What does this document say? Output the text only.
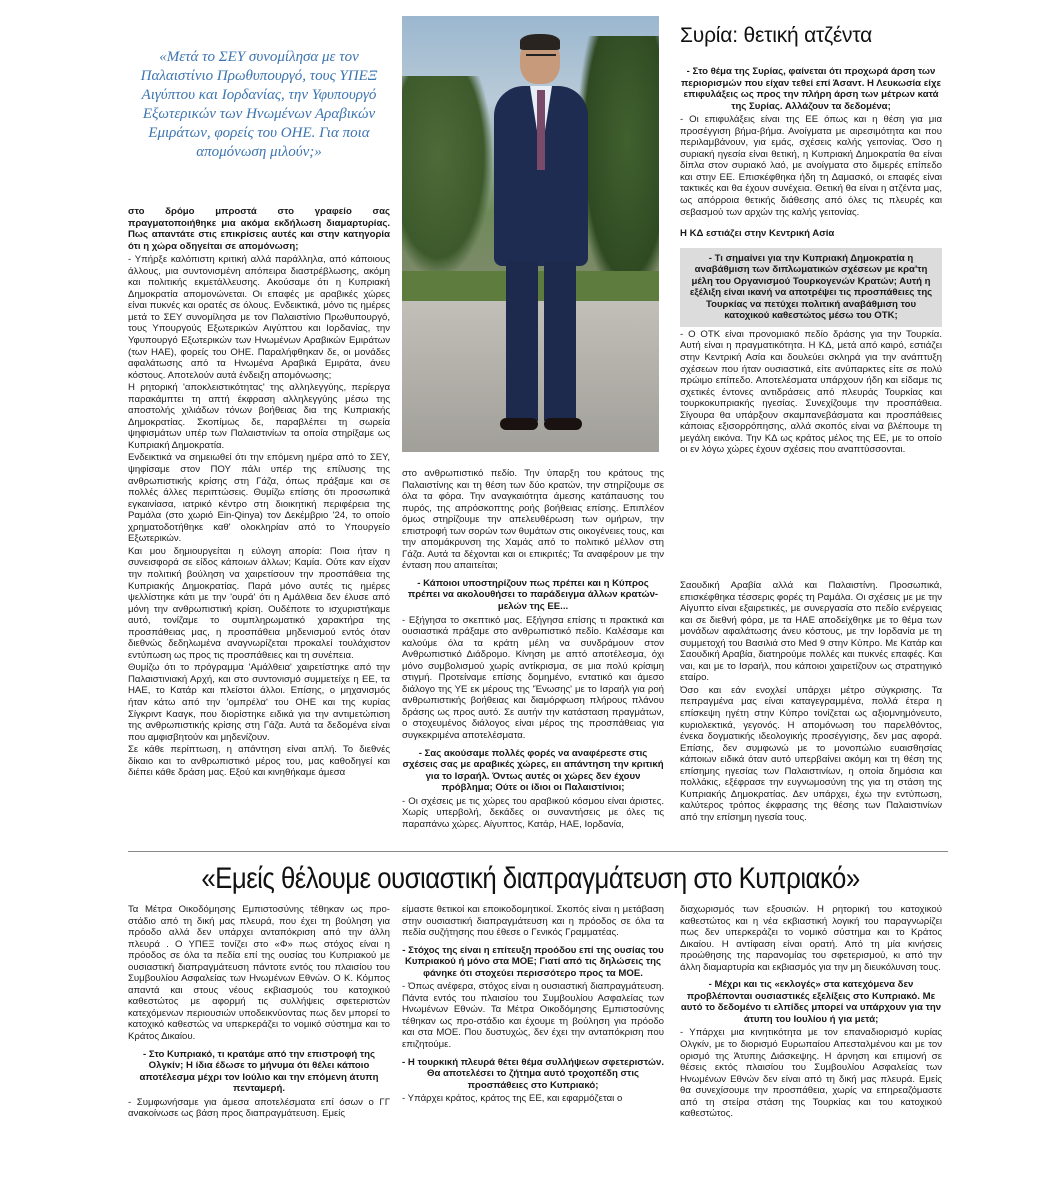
«Μετά το ΣΕΥ συνομίλησα με τον Παλαιστίνιο Πρωθυπουργό, τους ΥΠΕΞ Αιγύπτου και Ιορδανίας, την Υφυπουργό Εξωτερικών των Ηνωμένων Αραβικών Εμιράτων, φορείς του ΟΗΕ. Για ποια απομόνωση μιλούν;»

στο δρόμο μπροστά στο γραφείο σας πραγματοποιήθηκε μια ακόμα εκδήλωση διαμαρτυρίας. Πως απαντάτε στις επικρίσεις αυτές και στην κατηγορία ότι η χώρα οδηγείται σε απομόνωση;

- Υπήρξε καλόπιστη κριτική αλλά παράλληλα, από κάποιους άλλους, μια συντονισμένη απόπειρα διαστρέβλωσης, ακόμη και πολιτικής εκμετάλλευσης. Ακούσαμε ότι η Κυπριακή Δημοκρατία απομονώνεται. Οι επαφές με αραβικές χώρες είναι πυκνές και ορατές σε όλους. Ενδεικτικά, μόνο τις ημέρες μετά το ΣΕΥ συνομίλησα με τον Παλαιστίνιο Πρωθυπουργό, τους Υπουργούς Εξωτερικών Αιγύπτου και Ιορδανίας, την Υφυπουργό Εξωτερικών των Ηνωμένων Αραβικών Εμιράτων (των ΗΑΕ), φορείς του ΟΗΕ. Παραλήφθηκαν δε, οι μονάδες αφαλάτωσης από τα Ηνωμένα Αραβικά Εμιράτα, άνευ κόστους. Αποτελούν αυτά ένδειξη απομόνωσης;

Η ρητορική 'αποκλειστικότητας' της αλληλεγγύης, περίεργα παρακάμπτει τη απτή έκφραση αλληλεγγύης μέσω της αποστολής χιλιάδων τόνων βοήθειας δια της Κυπριακής Δημοκρατίας. Σκοπίμως δε, παραβλέπει τη σωρεία ψηφισμάτων υπέρ των Παλαιστινίων τα οποία στηρίξαμε ως Κυπριακή Δημοκρατία.

Ενδεικτικά να σημειωθεί ότι την επόμενη ημέρα από το ΣΕΥ, ψηφίσαμε στον ΠΟΥ πάλι υπέρ της επίλυσης της ανθρωπιστικής κρίσης στη Γάζα, όπως πράξαμε και σε πολλές άλλες περιπτώσεις. Θυμίζω επίσης ότι προσωπικά εγκαινίασα, ιατρικό κέντρο στη διοικητική περιφέρεια της Ραμάλα (στο χωριό Ein-Qinya) τον Δεκέμβριο '24, το οποίο χρηματοδοτήθηκε καθ' ολοκληρίαν από το Υπουργείο Εξωτερικών.

Και μου δημιουργείται η εύλογη απορία: Ποια ήταν η συνεισφορά σε είδος κάποιων άλλων; Καμία. Ούτε καν είχαν την πολιτική βούληση να χαιρετίσουν την προσπάθεια της Κυπριακής Δημοκρατίας. Παρά μόνο αυτές τις ημέρες ψελλίστηκε κάτι με την 'ουρά' ότι η Αμάλθεια δεν έλυσε από μόνη την ανθρωπιστική κρίση. Ουδέποτε το ισχυριστήκαμε αυτό, τονίζαμε το συμπληρωματικό χαρακτήρα της προσπάθειας μας, η προσπάθεια μηδενισμού εντός όταν διεθνώς δεδηλωμένα αναγνωρίζεται προκαλεί τουλάχιστον εντύπωση ως προς τις προσπάθειες και τη συνέπεια.

Θυμίζω ότι το πρόγραμμα 'Αμάλθεια' χαιρετίστηκε από την Παλαιστινιακή Αρχή, και στο συντονισμό συμμετείχε η ΕΕ, τα ΗΑΕ, το Κατάρ και πλείστοι άλλοι. Επίσης, ο μηχανισμός ήταν κάτω από την 'ομπρέλα' του ΟΗΕ και της κυρίας Σίγκριντ Κααγκ, που διορίστηκε ειδικά για την αντιμετώπιση της ανθρωπιστικής κρίσης στη Γάζα. Αυτά τα δεδομένα είναι που αμφισβητούν και μηδενίζουν.

Σε κάθε περίπτωση, η απάντηση είναι απλή. Το διεθνές δίκαιο και το ανθρωπιστικό μέρος του, μας καθοδηγεί και διέπει κάθε δράση μας. Εξού και κινηθήκαμε άμεσα

στο ανθρωπιστικό πεδίο. Την ύπαρξη του κράτους της Παλαιστίνης και τη θέση των δύο κρατών, την στηρίζουμε σε όλα τα φόρα. Την αναγκαιότητα άμεσης κατάπαυσης του πυρός, της απρόσκοπτης ροής βοήθειας επίσης. Επιπλέον όμως στηρίζουμε την απελευθέρωση των ομήρων, την επιστροφή των σορών των θυμάτων στις οικογένειες τους, και την απομάκρυνση της Χαμάς από το πολιτικό μέλλον στη Γάζα. Αυτά τα δέχονται και οι επικριτές; Τα αναφέρουν με την ένταση που απαιτείται;

- Κάποιοι υποστηρίζουν πως πρέπει και η Κύπρος πρέπει να ακολουθήσει το παράδειγμα άλλων κρατών-μελών της ΕΕ...

- Εξήγησα το σκεπτικό μας. Εξήγησα επίσης τι πρακτικά και ουσιαστικά πράξαμε στο ανθρωπιστικό πεδίο. Καλέσαμε και καλούμε όλα τα κράτη μέλη να συνδράμουν στον Ανθρωπιστικό Διάδρομο. Κίνηση με απτό αποτέλεσμα, όχι μόνο συμβολισμού χωρίς αντίκρισμα, σε μια πολύ κρίσιμη στιγμή. Προτείναμε επίσης δομημένο, εντατικό και άμεσο διάλογο της ΥΕ εκ μέρους της 'Ένωσης' με το Ισραήλ για ροή ανθρωπιστικής βοήθειας και διαμόρφωση πλήρους πλάνου δράσης ως προς αυτό. Σε αυτήν την κατάσταση πραγμάτων, ο στοχευμένος διάλογος είναι μέρος της προσπάθειας για συγκεκριμένα αποτελέσματα.

- Σας ακούσαμε πολλές φορές να αναφέρεστε στις σχέσεις σας με αραβικές χώρες, ειι απάντηση την κριτική για το Ισραήλ. Όντως αυτές οι χώρες δεν έχουν πρόβλημα; Ούτε οι ίδιοι οι Παλαιστίνιοι;

- Οι σχέσεις με τις χώρες του αραβικού κόσμου είναι άριστες. Χωρίς υπερβολή, δεκάδες οι συναντήσεις με όλες τις παραπάνω χώρες. Αίγυπτος, Κατάρ, ΗΑΕ, Ιορδανία,

Συρία: θετική ατζέντα

- Στο θέμα της Συρίας, φαίνεται ότι προχωρά άρση των περιορισμών που είχαν τεθεί επί Άσαντ. Η Λευκωσία είχε επιφυλάξεις ως προς την πλήρη άρση των μέτρων κατά της Συρίας. Αλλάζουν τα δεδομένα;

- Οι επιφυλάξεις είναι της ΕΕ όπως και η θέση για μια προσέγγιση βήμα-βήμα. Ανοίγματα με αιρεσιμότητα και που περιλαμβάνουν, για εμάς, σχέσεις καλής γειτονίας. Όσο η συριακή ηγεσία είναι θετική, η Κυπριακή Δημοκρατία θα είναι δίπλα στον συριακό λαό, με ανοίγματα στο διμερές επίπεδο και στην ΕΕ. Επισκέφθηκα ήδη τη Δαμασκό, οι επαφές είναι τακτικές και θα έχουν συνέχεια. Θετική θα είναι η ατζέντα μας, ως απόρροια θετικής διάθεσης από όλες τις πλευρές και σεβασμού των αρχών της καλής γειτονίας.

Η ΚΔ εστιάζει στην Κεντρική Ασία

- Τι σημαίνει για την Κυπριακή Δημοκρατία η αναβάθμιση των διπλωματικών σχέσεων με κρα'τη μέλη του Οργανισμού Τουρκογενών Κρατών; Αυτή η εξέλιξη είναι ικανή να αποτρέψει τις προσπάθειες της Τουρκίας να πετύχει πολιτική αναβάθμιση του κατοχικού καθεστώτος μέσω του ΟΤΚ;

- Ο ΟΤΚ είναι προνομιακό πεδίο δράσης για την Τουρκία. Αυτή είναι η πραγματικότητα. Η ΚΔ, μετά από καιρό, εστιάζει στην Κεντρική Ασία και δουλεύει σκληρά για την ανάπτυξη σχέσεων που ήταν ουσιαστικά, είτε ανύπαρκτες είτε σε πολύ πρώιμο επίπεδο. Αποτελέσματα υπάρχουν ήδη και είδαμε τις σχετικές έντονες αντιδράσεις από πλευράς Τουρκίας και τουρκοκυπριακής ηγεσίας. Συνεχίζουμε την προσπάθεια. Σίγουρα θα υπάρξουν σκαμπανεβάσματα και προσπάθειες κάποιας εξισορρόπησης, αλλά σκοπός είναι να βλέπουμε τη μεγάλη εικόνα. Την ΚΔ ως κράτος μέλος της ΕΕ, με το οποίο οι εν λόγω χώρες έχουν σχέσεις που αναπτύσσονται.

Σαουδική Αραβία αλλά και Παλαιστίνη. Προσωπικά, επισκέφθηκα τέσσερις φορές τη Ραμάλα. Οι σχέσεις με με την Αίγυπτο είναι εξαιρετικές, με συνεργασία στο πεδίο ενέργειας και σε διεθνή φόρα, με τα ΗΑΕ αποδείχθηκε με το θέμα των μονάδων αφαλάτωσης άνευ κόστους, με την Ιορδανία με τη συμμετοχή του Βασιλιά στο Med 9 στην Κύπρο. Με Κατάρ και Σαουδική Αραβία, διατηρούμε πολλές και πυκνές επαφές. Και ναι, και με το Ισραήλ, που κάποιοι χαιρετίζουν ως στρατηγικό εταίρο.

Όσο και εάν ενοχλεί υπάρχει μέτρο σύγκρισης. Τα πεπραγμένα μας είναι καταγεγραμμένα, πολλά έτερα η επίσκεψη ηγέτη στην Κύπρο τονίζεται ως αξιομνημόνευτο, κυριολεκτικά, γεγονός. Η απομόνωση του παρελθόντος, ένεκα δογματικής ιδεολογικής προσέγγισης, δεν μας αφορά. Επίσης, δεν συμφωνώ με το μονοπώλιο ευαισθησίας κάποιων ειδικά όταν αυτό υπερβαίνει ακόμη και τη θέση της επίσημης ηγεσίας των Παλαιστινίων, η οποία δημόσια και πολλάκις, εξέφρασε την ευγνωμοσύνη της για τη στάση της Κυπριακής Δημοκρατίας. Δεν υπάρχει, έχω την εντύπωση, καλύτερος τρόπος έκφρασης της θέσης των Παλαιστινίων από την επίσημη ηγεσία τους.

«Εμείς θέλουμε ουσιαστική διαπραγμάτευση στο Κυπριακό»

Τα Μέτρα Οικοδόμησης Εμπιστοσύνης τέθηκαν ως προ-στάδιο από τη δική μας πλευρά, που έχει τη βούληση για πρόοδο αλλά δεν υπάρχει ανταπόκριση από την άλλη πλευρά . Ο ΥΠΕΞ τονίζει στο «Φ» πως στόχος είναι η πρόοδος σε όλα τα πεδία επί της ουσίας του Κυπριακού με ουσιαστική διαπραγμάτευση πάντοτε εντός του πλαισίου του Συμβουλίου Ασφαλείας των Ηνωμένων Εθνών. Ο Κ. Κόμπος απαντά και στους νέους εκβιασμούς του κατοχικού καθεστώτος με αφορμή τις συλλήψεις σφετεριστών κατεχόμενων περιουσιών υποδεικνύοντας πως δεν μπορεί το κατοχικό καθεστώς να υπερκεράζει το νομικό σύστημα και το Κράτος Δικαίου.

- Στο Κυπριακό, τι κρατάμε από την επιστροφή της Ολγκίν; Η ίδια έδωσε το μήνυμα ότι θέλει κάποιο αποτέλεσμα μέχρι τον Ιούλιο και την επόμενη άτυπη πενταμερή.

- Συμφωνήσαμε για άμεσα αποτελέσματα επί όσων ο ΓΓ ανακοίνωσε ως βάση προς διαπραγμάτευση. Εμείς

είμαστε θετικοί και εποικοδομητικοί. Σκοπός είναι η μετάβαση στην ουσιαστική διαπραγμάτευση και η πρόοδος σε όλα τα πεδία συζήτησης που έθεσε ο Γενικός Γραμματέας.

- Στόχος της είναι η επίτευξη προόδου επί της ουσίας του Κυπριακού ή μόνο στα ΜΟΕ; Γιατί από τις δηλώσεις της φάνηκε ότι στοχεύει περισσότερο προς τα ΜΟΕ.

- Όπως ανέφερα, στόχος είναι η ουσιαστική διαπραγμάτευση. Πάντα εντός του πλαισίου του Συμβουλίου Ασφαλείας των Ηνωμένων Εθνών. Τα Μέτρα Οικοδόμησης Εμπιστοσύνης τέθηκαν ως προ-στάδιο και έχουμε τη βούληση για πρόοδο και στα ΜΟΕ. Που δυστυχώς, δεν έχει την ανταπόκριση που επιζητούμε.

- Η τουρκική πλευρά θέτει θέμα συλλήψεων σφετεριστών. Θα αποτελέσει το ζήτημα αυτό τροχοπέδη στις προσπάθειες στο Κυπριακό;

- Υπάρχει κράτος, κράτος της ΕΕ, και εφαρμόζεται ο

διαχωρισμός των εξουσιών. Η ρητορική του κατοχικού καθεστώτος και η νέα εκβιαστική λογική του παραγνωρίζει πως δεν υπερκεράζει το νομικό σύστημα και το Κράτος Δικαίου. Η αντίφαση είναι ορατή. Από τη μία κινήσεις προώθησης της παρανομίας του σφετερισμού, κι από την άλλη διαμαρτυρία και εκβιασμός για την μη διευκόλυνση τους.

- Μέχρι και τις «εκλογές» στα κατεχόμενα δεν προβλέπονται ουσιαστικές εξελίξεις στο Κυπριακό. Με αυτό το δεδομένο τι ελπίδες μπορεί να υπάρχουν για την άτυπη του Ιουλίου ή για μετά;

- Υπάρχει μια κινητικότητα με τον επαναδιορισμό κυρίας Ολγκίν, με το διορισμό Ευρωπαίου Απεσταλμένου και με τον ορισμό της Άτυπης Διάσκεψης. Η άρνηση και επιμονή σε θέσεις εκτός πλαισίου του Συμβουλίου Ασφαλείας των Ηνωμένων Εθνών δεν είναι από τη δική μας πλευρά. Εμείς θα συνεχίσουμε την προσπάθεια, χωρίς να επηρεαζόμαστε από τη στείρα στάση της Τουρκίας και του κατοχικού καθεστώτος.
